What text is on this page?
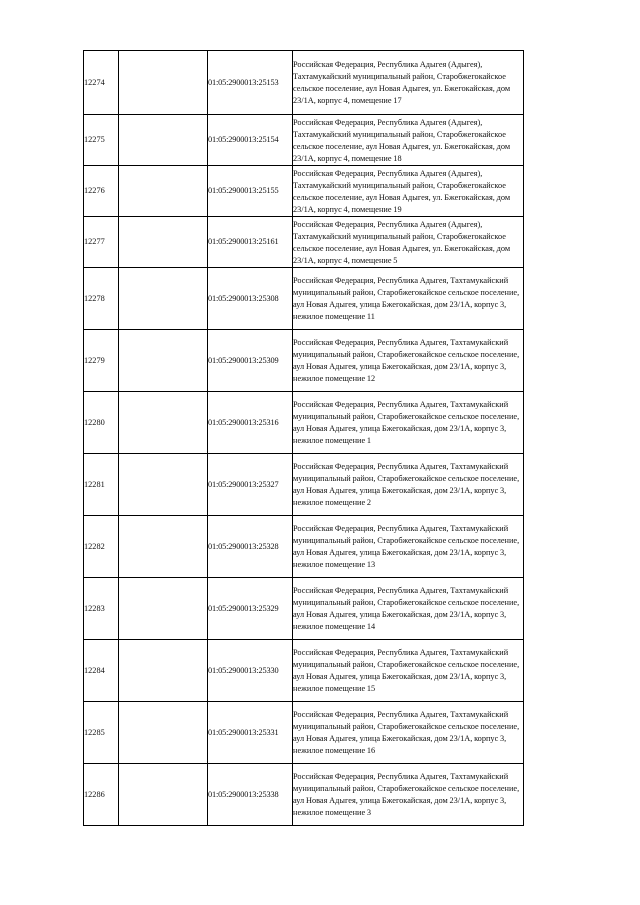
12274		01:05:2900013:25153	Российская Федерация, Республика Адыгея (Адыгея), Тахтамукайский муниципальный район, Старобжегокайское сельское поселение, аул Новая Адыгея, ул. Бжегокайская, дом 23/1А, корпус 4, помещение 17

12275		01:05:2900013:25154	Российская Федерация, Республика Адыгея (Адыгея), Тахтамукайский муниципальный район, Старобжегокайское сельское поселение, аул Новая Адыгея, ул. Бжегокайская, дом 23/1А, корпус 4, помещение 18

12276		01:05:2900013:25155	Российская Федерация, Республика Адыгея (Адыгея), Тахтамукайский муниципальный район, Старобжегокайское сельское поселение, аул Новая Адыгея, ул. Бжегокайская, дом 23/1А, корпус 4, помещение 19

12277		01:05:2900013:25161	Российская Федерация, Республика Адыгея (Адыгея), Тахтамукайский муниципальный район, Старобжегокайское сельское поселение, аул Новая Адыгея, ул. Бжегокайская, дом 23/1А, корпус 4, помещение 5

12278		01:05:2900013:25308	Российская Федерация, Республика Адыгея, Тахтамукайский муниципальный район, Старобжегокайское сельское поселение, аул Новая Адыгея, улица Бжегокайская, дом 23/1А, корпус 3, нежилое помещение 11

12279		01:05:2900013:25309	Российская Федерация, Республика Адыгея, Тахтамукайский муниципальный район, Старобжегокайское сельское поселение, аул Новая Адыгея, улица Бжегокайская, дом 23/1А, корпус 3, нежилое помещение 12

12280		01:05:2900013:25316	Российская Федерация, Республика Адыгея, Тахтамукайский муниципальный район, Старобжегокайское сельское поселение, аул Новая Адыгея, улица Бжегокайская, дом 23/1А, корпус 3, нежилое помещение 1

12281		01:05:2900013:25327	Российская Федерация, Республика Адыгея, Тахтамукайский муниципальный район, Старобжегокайское сельское поселение, аул Новая Адыгея, улица Бжегокайская, дом 23/1А, корпус 3, нежилое помещение 2

12282		01:05:2900013:25328	Российская Федерация, Республика Адыгея, Тахтамукайский муниципальный район, Старобжегокайское сельское поселение, аул Новая Адыгея, улица Бжегокайская, дом 23/1А, корпус 3, нежилое помещение 13

12283		01:05:2900013:25329	Российская Федерация, Республика Адыгея, Тахтамукайский муниципальный район, Старобжегокайское сельское поселение, аул Новая Адыгея, улица Бжегокайская, дом 23/1А, корпус 3, нежилое помещение 14

12284		01:05:2900013:25330	Российская Федерация, Республика Адыгея, Тахтамукайский муниципальный район, Старобжегокайское сельское поселение, аул Новая Адыгея, улица Бжегокайская, дом 23/1А, корпус 3, нежилое помещение 15

12285		01:05:2900013:25331	Российская Федерация, Республика Адыгея, Тахтамукайский муниципальный район, Старобжегокайское сельское поселение, аул Новая Адыгея, улица Бжегокайская, дом 23/1А, корпус 3, нежилое помещение 16

12286		01:05:2900013:25338	Российская Федерация, Республика Адыгея, Тахтамукайский муниципальный район, Старобжегокайское сельское поселение, аул Новая Адыгея, улица Бжегокайская, дом 23/1А, корпус 3, нежилое помещение 3
